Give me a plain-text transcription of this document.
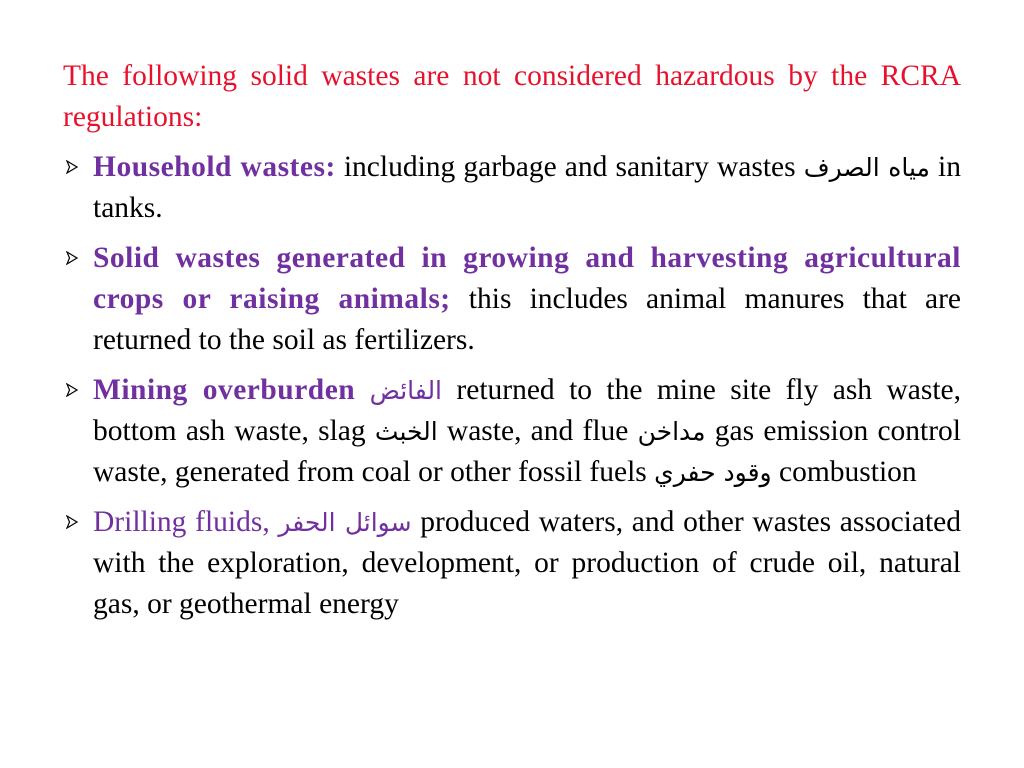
The following solid wastes are not considered hazardous by the RCRA regulations:

Household wastes: including garbage and sanitary wastes مياه الصرف in tanks.
Solid wastes generated in growing and harvesting agricultural crops or raising animals; this includes animal manures that are returned to the soil as fertilizers.
Mining overburden الفائض returned to the mine site fly ash waste, bottom ash waste, slag الخبث waste, and flue مداخن gas emission control waste, generated from coal or other fossil fuels وقود حفري combustion
Drilling fluids, سوائل الحفر produced waters, and other wastes associated with the exploration, development, or production of crude oil, natural gas, or geothermal energy
